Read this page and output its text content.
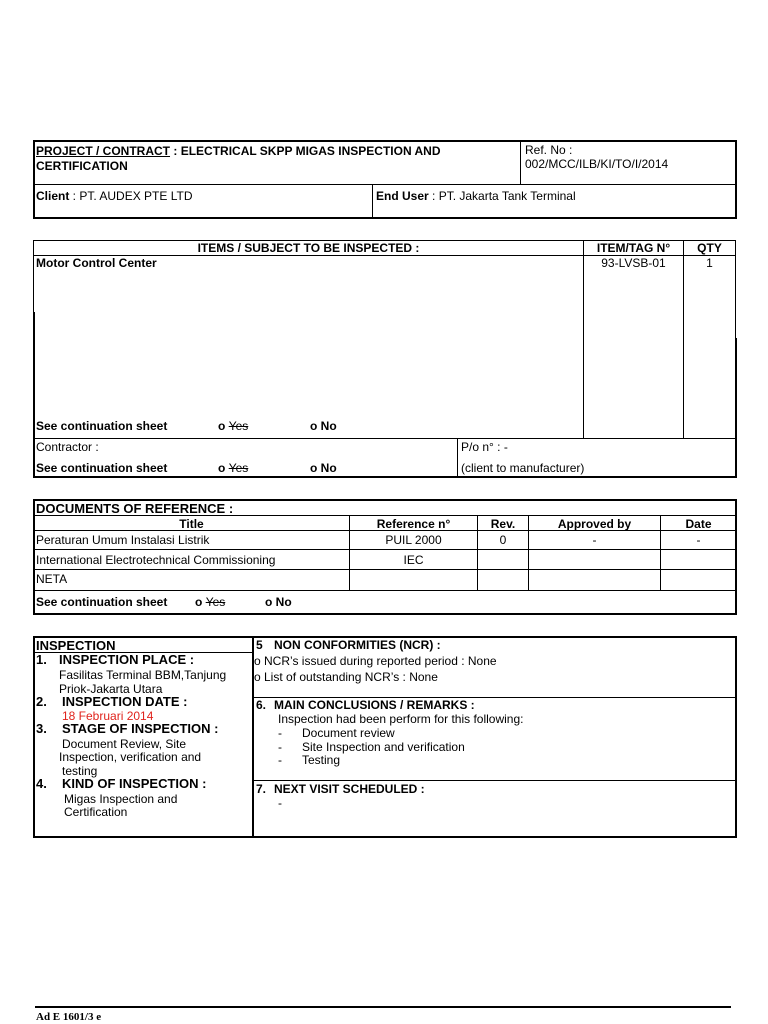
PROJECT / CONTRACT : ELECTRICAL SKPP MIGAS INSPECTION AND
CERTIFICATION
Ref. No :
002/MCC/ILB/KI/TO/I/2014
Client : PT. AUDEX PTE LTD	End User : PT. Jakarta Tank Terminal
ITEMS / SUBJECT TO BE INSPECTED :	ITEM/TAG N°	QTY
Motor Control Center	93-LVSB-01	1
See continuation sheet	o Yes	o No
Contractor :	P/o n° : -
See continuation sheet	o Yes	o No	(client to manufacturer)
DOCUMENTS OF REFERENCE :
Title	Reference n°	Rev.	Approved by	Date
Peraturan Umum Instalasi Listrik	PUIL 2000	0	-	-
International Electrotechnical Commissioning	IEC
NETA
See continuation sheet o Yes	o No
INSPECTION
1. INSPECTION PLACE :
Fasilitas Terminal BBM,Tanjung
Priok-Jakarta Utara
2. INSPECTION DATE :
18 Februari 2014
3. STAGE OF INSPECTION :
Document Review, Site
Inspection, verification and
testing
4. KIND OF INSPECTION :
Migas Inspection and
Certification
5 NON CONFORMITIES (NCR) :
o NCR’s issued during reported period : None
o List of outstanding NCR’s : None
6. MAIN CONCLUSIONS / REMARKS :
Inspection had been perform for this following:
- Document review
- Site Inspection and verification
- Testing
7. NEXT VISIT SCHEDULED :
-
Ad E 1601/3 e
